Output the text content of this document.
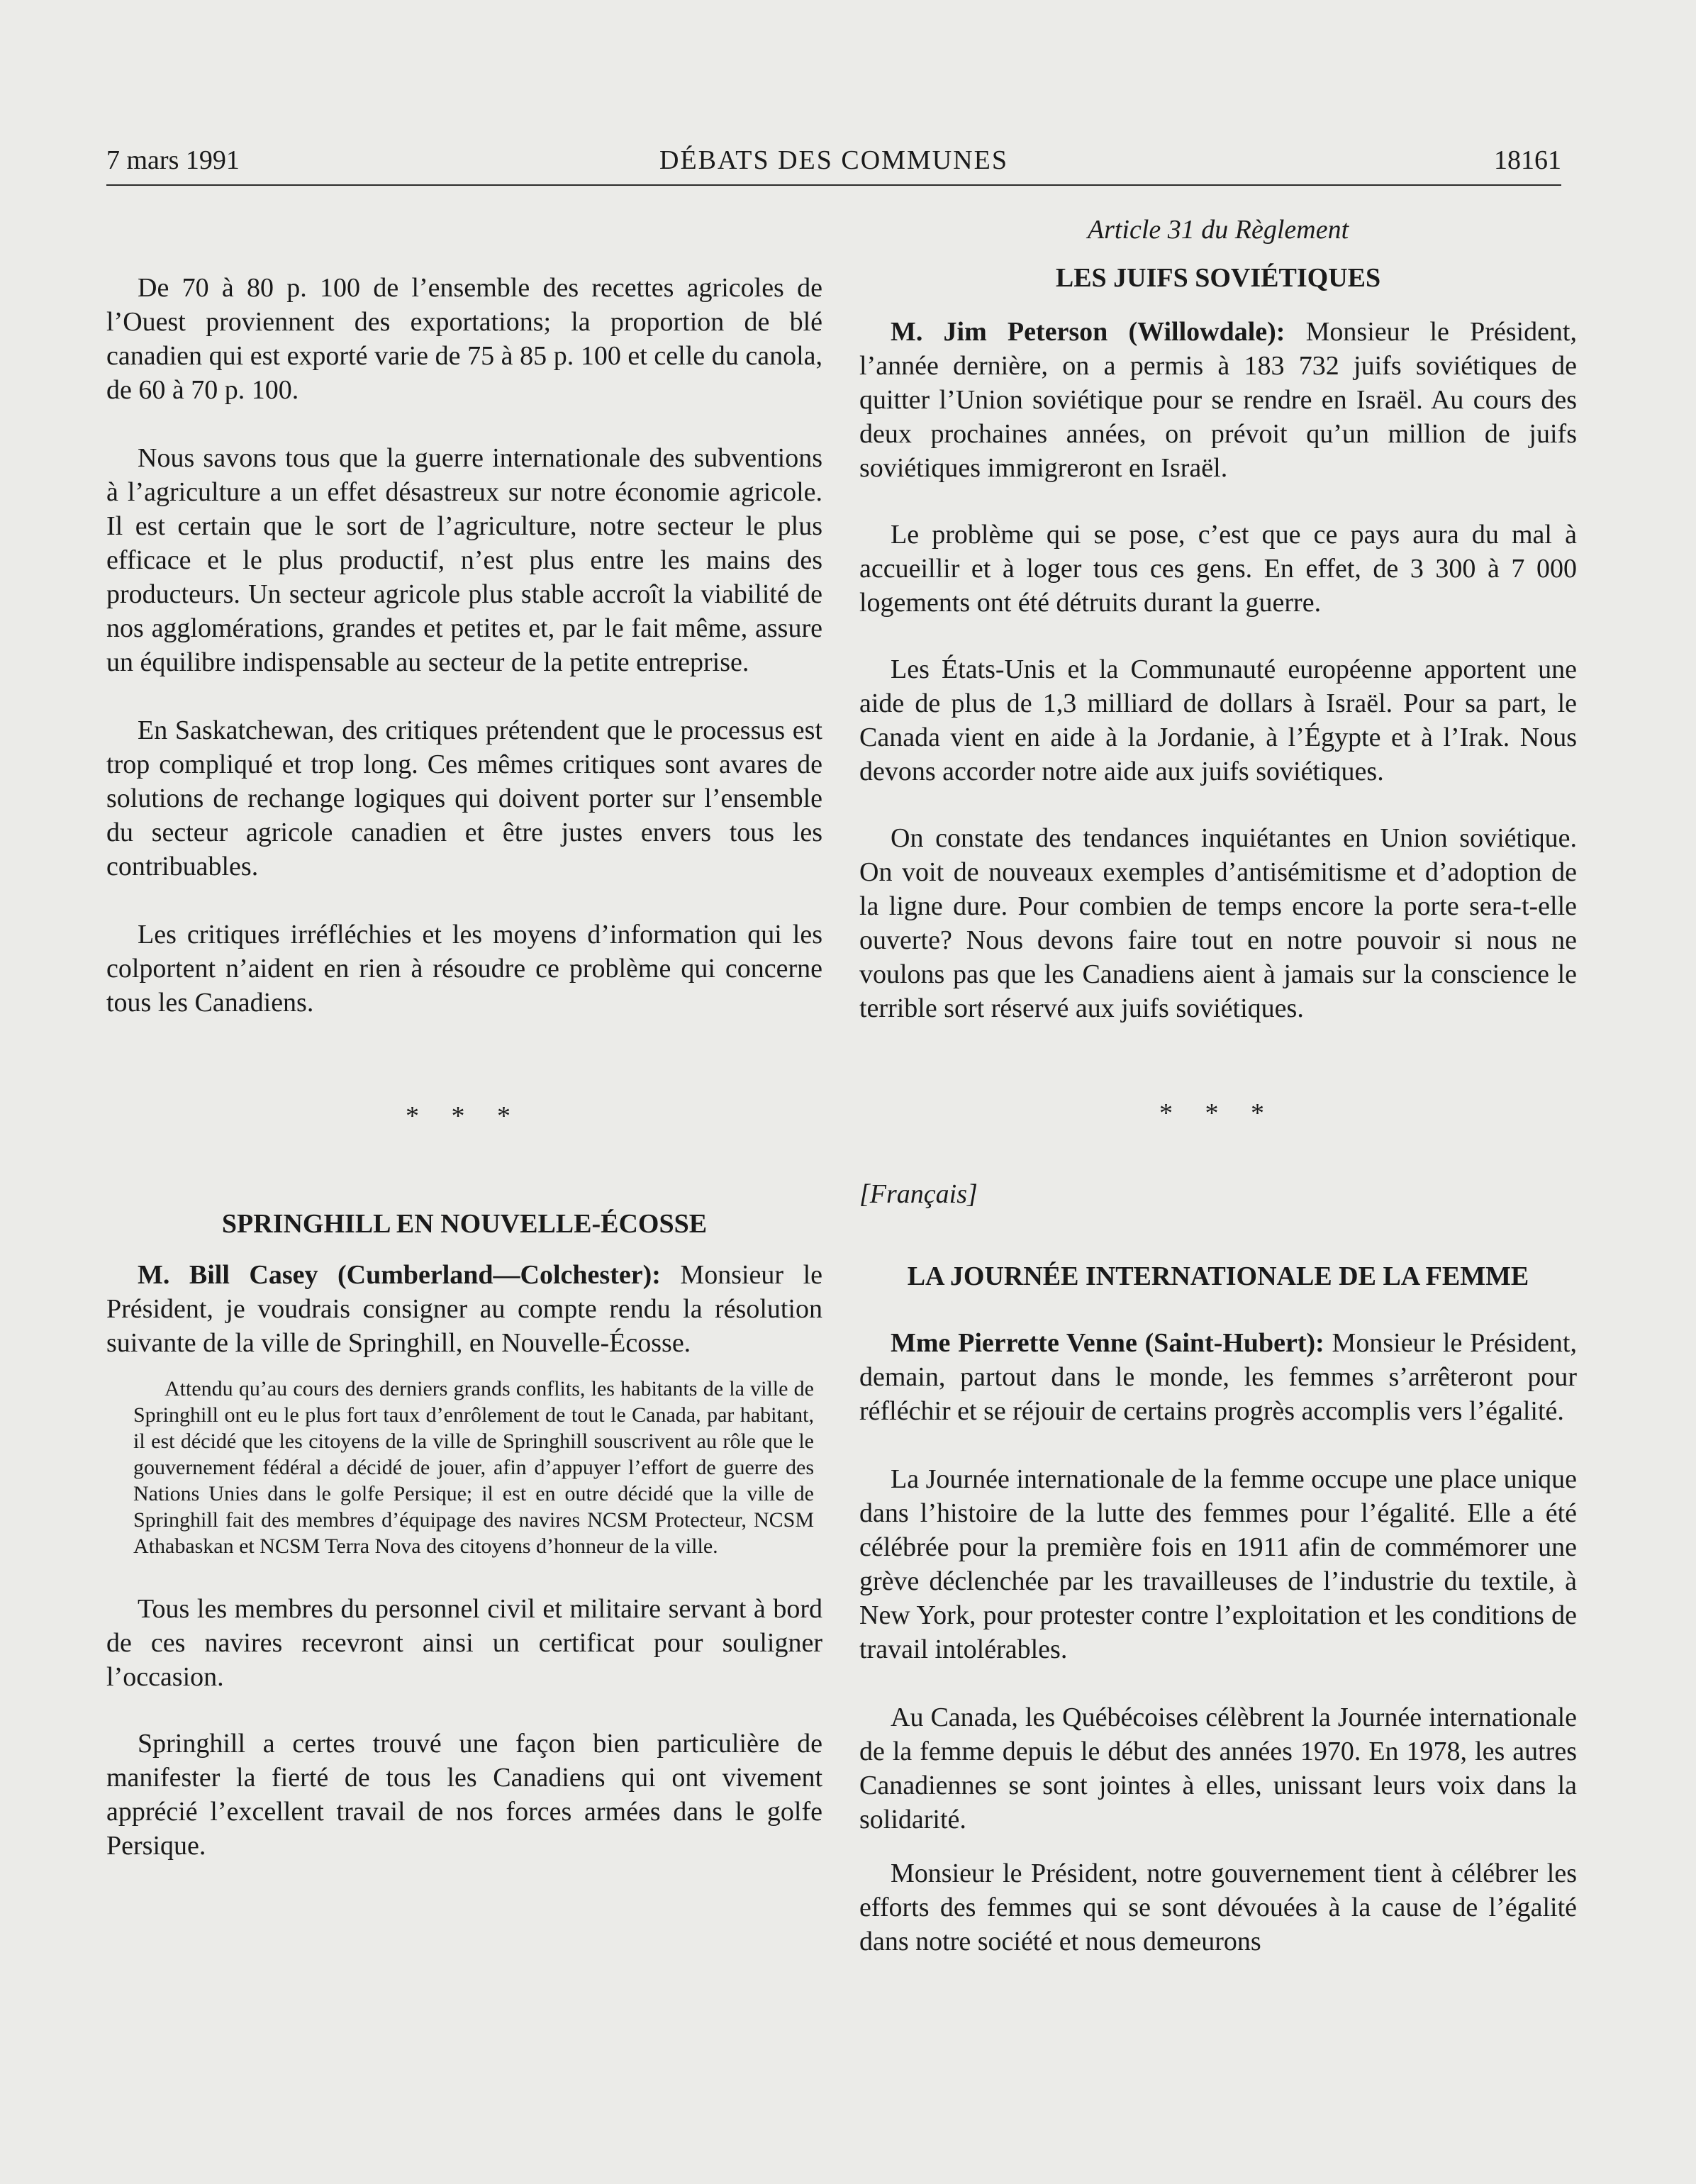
7 mars 1991	DÉBATS DES COMMUNES	18161

De 70 à 80 p. 100 de l’ensemble des recettes agricoles de l’Ouest proviennent des exportations; la proportion de blé canadien qui est exporté varie de 75 à 85 p. 100 et celle du canola, de 60 à 70 p. 100.

Nous savons tous que la guerre internationale des subventions à l’agriculture a un effet désastreux sur notre économie agricole. Il est certain que le sort de l’agriculture, notre secteur le plus efficace et le plus productif, n’est plus entre les mains des producteurs. Un secteur agricole plus stable accroît la viabilité de nos agglomérations, grandes et petites et, par le fait même, assure un équilibre indispensable au secteur de la petite entreprise.

En Saskatchewan, des critiques prétendent que le processus est trop compliqué et trop long. Ces mêmes critiques sont avares de solutions de rechange logiques qui doivent porter sur l’ensemble du secteur agricole canadien et être justes envers tous les contribuables.

Les critiques irréfléchies et les moyens d’information qui les colportent n’aident en rien à résoudre ce problème qui concerne tous les Canadiens.

* * *

SPRINGHILL EN NOUVELLE-ÉCOSSE

M. Bill Casey (Cumberland—Colchester): Monsieur le Président, je voudrais consigner au compte rendu la résolution suivante de la ville de Springhill, en Nouvelle-Écosse.

Attendu qu’au cours des derniers grands conflits, les habitants de la ville de Springhill ont eu le plus fort taux d’enrôlement de tout le Canada, par habitant, il est décidé que les citoyens de la ville de Springhill souscrivent au rôle que le gouvernement fédéral a décidé de jouer, afin d’appuyer l’effort de guerre des Nations Unies dans le golfe Persique; il est en outre décidé que la ville de Springhill fait des membres d’équipage des navires NCSM Protecteur, NCSM Athabaskan et NCSM Terra Nova des citoyens d’honneur de la ville.

Tous les membres du personnel civil et militaire servant à bord de ces navires recevront ainsi un certificat pour souligner l’occasion.

Springhill a certes trouvé une façon bien particulière de manifester la fierté de tous les Canadiens qui ont vivement apprécié l’excellent travail de nos forces armées dans le golfe Persique.

Article 31 du Règlement

LES JUIFS SOVIÉTIQUES

M. Jim Peterson (Willowdale): Monsieur le Président, l’année dernière, on a permis à 183 732 juifs soviétiques de quitter l’Union soviétique pour se rendre en Israël. Au cours des deux prochaines années, on prévoit qu’un million de juifs soviétiques immigreront en Israël.

Le problème qui se pose, c’est que ce pays aura du mal à accueillir et à loger tous ces gens. En effet, de 3 300 à 7 000 logements ont été détruits durant la guerre.

Les États-Unis et la Communauté européenne apportent une aide de plus de 1,3 milliard de dollars à Israël. Pour sa part, le Canada vient en aide à la Jordanie, à l’Égypte et à l’Irak. Nous devons accorder notre aide aux juifs soviétiques.

On constate des tendances inquiétantes en Union soviétique. On voit de nouveaux exemples d’antisémitisme et d’adoption de la ligne dure. Pour combien de temps encore la porte sera-t-elle ouverte? Nous devons faire tout en notre pouvoir si nous ne voulons pas que les Canadiens aient à jamais sur la conscience le terrible sort réservé aux juifs soviétiques.

* * *

[Français]

LA JOURNÉE INTERNATIONALE DE LA FEMME

Mme Pierrette Venne (Saint-Hubert): Monsieur le Président, demain, partout dans le monde, les femmes s’arrêteront pour réfléchir et se réjouir de certains progrès accomplis vers l’égalité.

La Journée internationale de la femme occupe une place unique dans l’histoire de la lutte des femmes pour l’égalité. Elle a été célébrée pour la première fois en 1911 afin de commémorer une grève déclenchée par les travailleuses de l’industrie du textile, à New York, pour protester contre l’exploitation et les conditions de travail intolérables.

Au Canada, les Québécoises célèbrent la Journée internationale de la femme depuis le début des années 1970. En 1978, les autres Canadiennes se sont jointes à elles, unissant leurs voix dans la solidarité.

Monsieur le Président, notre gouvernement tient à célébrer les efforts des femmes qui se sont dévouées à la cause de l’égalité dans notre société et nous demeurons
